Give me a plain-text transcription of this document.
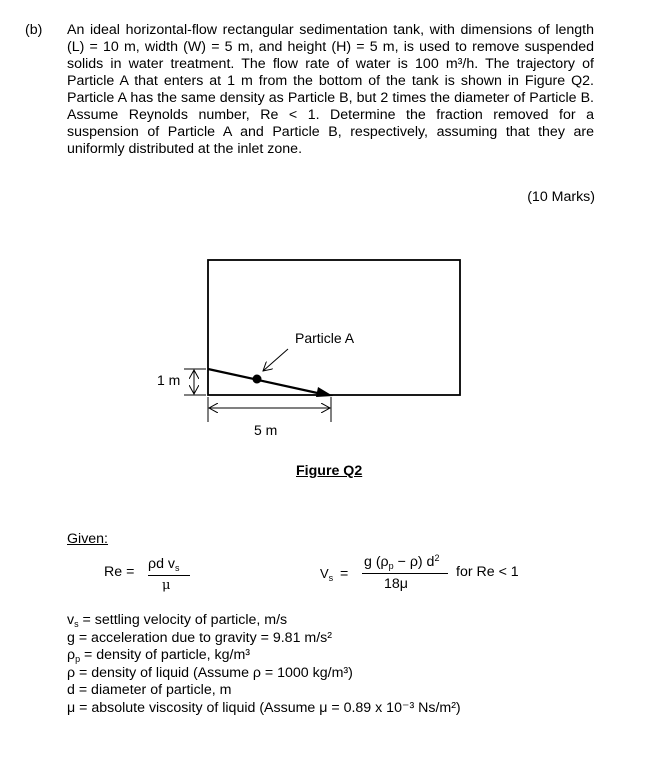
(b) An ideal horizontal-flow rectangular sedimentation tank, with dimensions of length (L) = 10 m, width (W) = 5 m, and height (H) = 5 m, is used to remove suspended solids in water treatment. The flow rate of water is 100 m³/h. The trajectory of Particle A that enters at 1 m from the bottom of the tank is shown in Figure Q2. Particle A has the same density as Particle B, but 2 times the diameter of Particle B. Assume Reynolds number, Re < 1. Determine the fraction removed for a suspension of Particle A and Particle B, respectively, assuming that they are uniformly distributed at the inlet zone.

(10 Marks)
Particle A
1 m
5 m
Figure Q2
Given:
Re = ρd $v_s$
μ
$V_s$ =
g $(\rho_p - \rho)$ $d^2$
18μ
for Re < 1
$v_s$ = settling velocity of particle, m/s
g = acceleration due to gravity = 9.81 m/s²
$\rho_p$ = density of particle, kg/m³
ρ = density of liquid (Assume ρ = 1000 kg/m³)
d = diameter of particle, m
μ = absolute viscosity of liquid (Assume μ = 0.89 x 10⁻³ Ns/m²)
